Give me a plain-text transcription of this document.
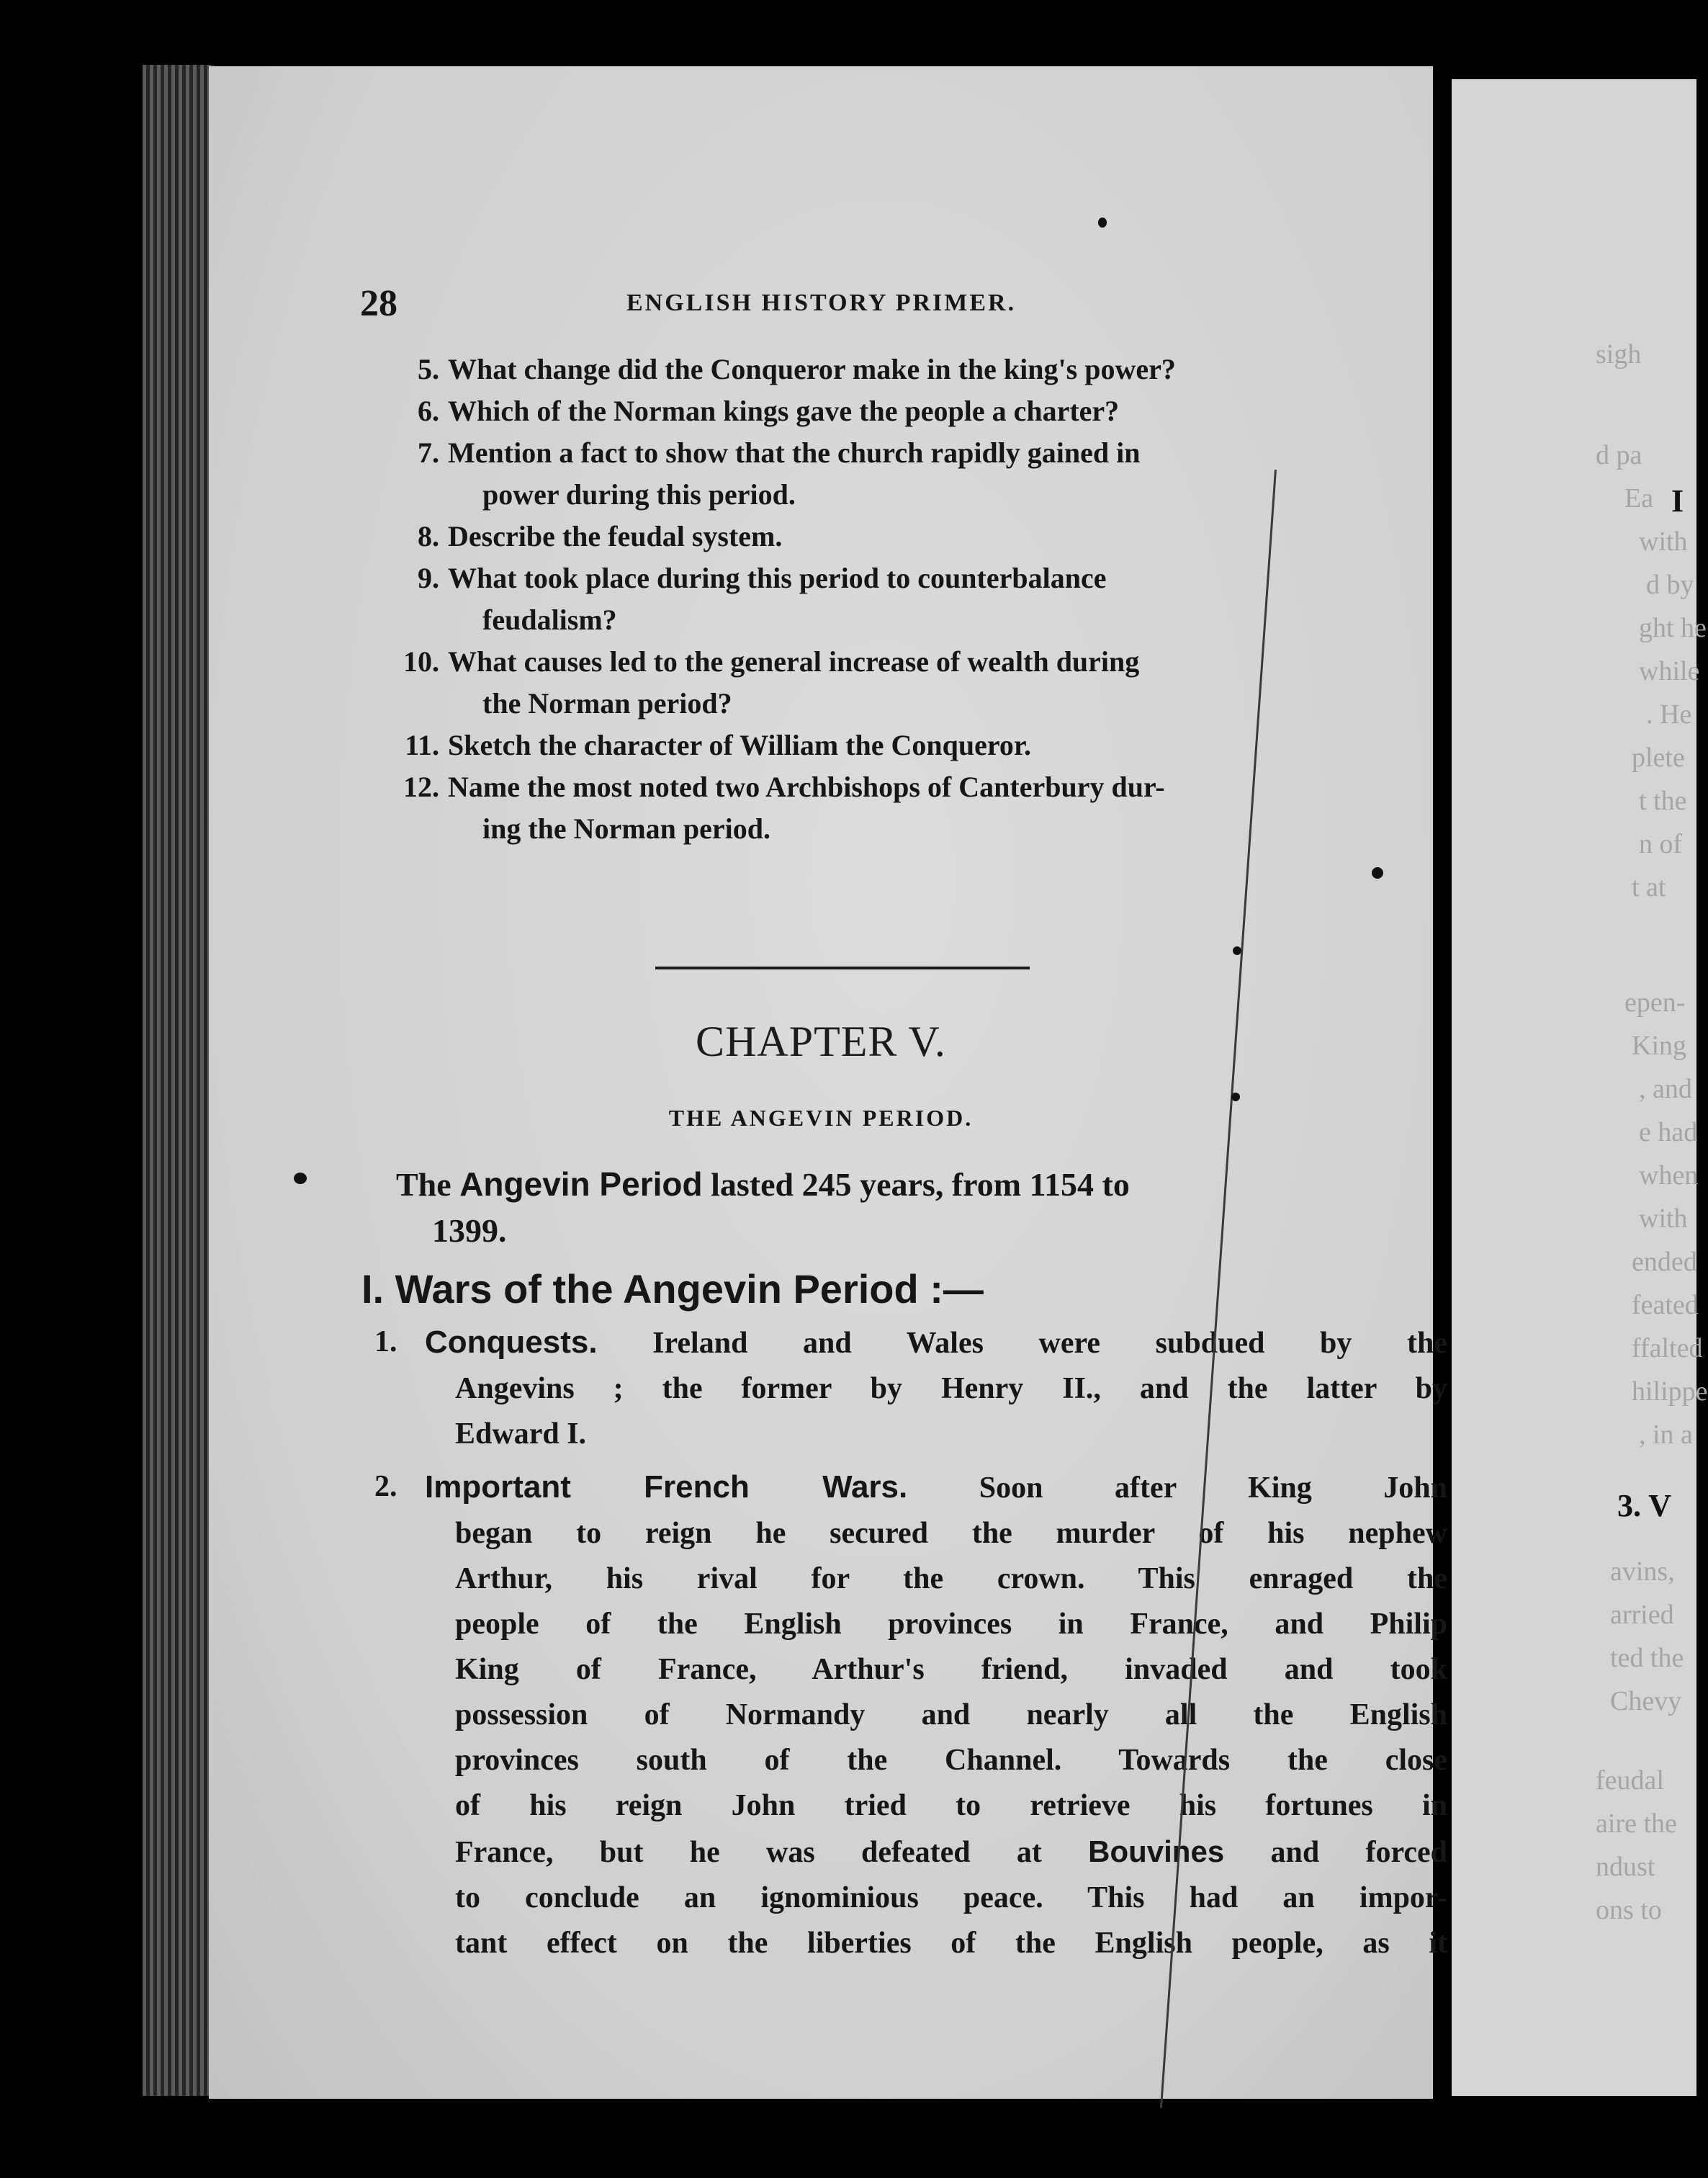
28	ENGLISH HISTORY PRIMER.
5. What change did the Conqueror make in the king's power?
6. Which of the Norman kings gave the people a charter?
7. Mention a fact to show that the church rapidly gained in
power during this period.
8. Describe the feudal system.
9. What took place during this period to counterbalance
feudalism?
10. What causes led to the general increase of wealth during
the Norman period?
11. Sketch the character of William the Conqueror.
12. Name the most noted two Archbishops of Canterbury dur-
ing the Norman period.
CHAPTER V.
THE ANGEVIN PERIOD.
The Angevin Period lasted 245 years, from 1154 to
1399.
I. Wars of the Angevin Period :—
1. Conquests. Ireland and Wales were subdued by the
Angevins ; the former by Henry II., and the latter by
Edward I.
2. Important French Wars. Soon after King John
began to reign he secured the murder of his nephew
Arthur, his rival for the crown. This enraged the
people of the English provinces in France, and Philip
King of France, Arthur's friend, invaded and took
possession of Normandy and nearly all the English
provinces south of the Channel. Towards the close
of his reign John tried to retrieve his fortunes in
France, but he was defeated at Bouvines and forced
to conclude an ignominious peace. This had an impor-
tant effect on the liberties of the English people, as it
sigh
d pa
Ea
with
d by
ght he
while
. He
plete
t the
n of
t at
epen-
King
, and
e had
when
with
ended
feated
ffalted
hilippe
, in a
avins,
arried
ted the
Chevy
feudal
aire the
ndust
ons to
I
3. V
